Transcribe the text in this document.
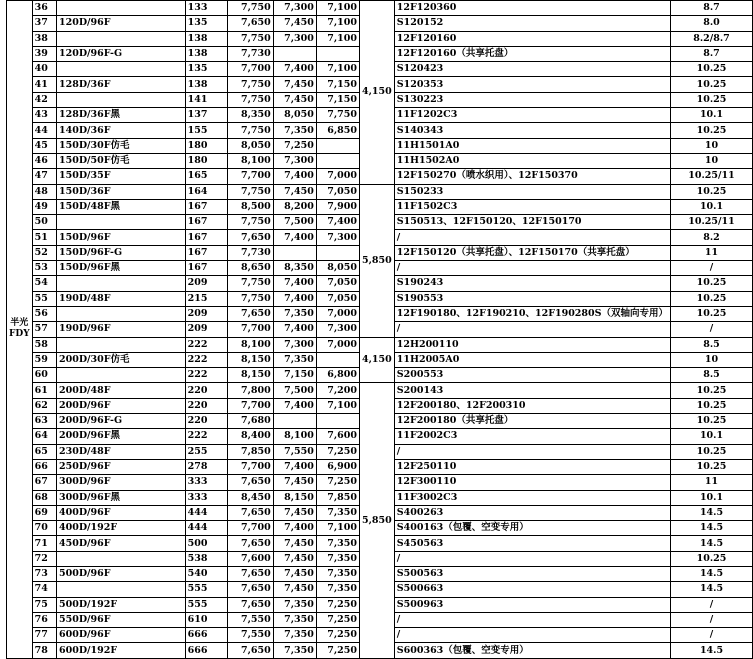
半光FDY	36		133	7,750	7,300	7,100	4,150	12F120360	8.7
	37	120D/96F	135	7,650	7,450	7,100		S120152	8.0
	38		138	7,750	7,300	7,100		12F120160	8.2/8.7
	39	120D/96F-G	138	7,730				12F120160（共享托盘）	8.7
	40		135	7,700	7,400	7,100		S120423	10.25
	41	128D/36F	138	7,750	7,450	7,150		S120353	10.25
	42		141	7,750	7,450	7,150		S130223	10.25
	43	128D/36F黑	137	8,350	8,050	7,750		11F1202C3	10.1
	44	140D/36F	155	7,750	7,350	6,850		S140343	10.25
	45	150D/30F仿毛	180	8,050	7,250			11H1501A0	10
	46	150D/50F仿毛	180	8,100	7,300			11H1502A0	10
	47	150D/35F	165	7,700	7,400	7,000		12F150270（喷水织用）、12F150370	10.25/11
	48	150D/36F	164	7,750	7,450	7,050	5,850	S150233	10.25
	49	150D/48F黑	167	8,500	8,200	7,900		11F1502C3	10.1
	50		167	7,750	7,500	7,400		S150513、12F150120、12F150170	10.25/11
	51	150D/96F	167	7,650	7,400	7,300		/	8.2
	52	150D/96F-G	167	7,730				12F150120（共享托盘）、12F150170（共享托盘）	11
	53	150D/96F黑	167	8,650	8,350	8,050		/	/
	54		209	7,750	7,400	7,050		S190243	10.25
	55	190D/48F	215	7,750	7,400	7,050		S190553	10.25
	56		209	7,650	7,350	7,000		12F190180、12F190210、12F190280S（双轴向专用）	10.25
	57	190D/96F	209	7,700	7,400	7,300		/	/
	58		222	8,100	7,300	7,000	4,150	12H200110	8.5
	59	200D/30F仿毛	222	8,150	7,350			11H2005A0	10
	60		222	8,150	7,150	6,800		S200553	8.5
	61	200D/48F	220	7,800	7,500	7,200	5,850	S200143	10.25
	62	200D/96F	220	7,700	7,400	7,100		12F200180、12F200310	10.25
	63	200D/96F-G	220	7,680				12F200180（共享托盘）	10.25
	64	200D/96F黑	222	8,400	8,100	7,600		11F2002C3	10.1
	65	230D/48F	255	7,850	7,550	7,250		/	10.25
	66	250D/96F	278	7,700	7,400	6,900		12F250110	10.25
	67	300D/96F	333	7,650	7,450	7,250		12F300110	11
	68	300D/96F黑	333	8,450	8,150	7,850		11F3002C3	10.1
	69	400D/96F	444	7,650	7,450	7,350		S400263	14.5
	70	400D/192F	444	7,700	7,400	7,100		S400163（包覆、空变专用）	14.5
	71	450D/96F	500	7,650	7,450	7,350		S450563	14.5
	72		538	7,600	7,450	7,350		/	10.25
	73	500D/96F	540	7,650	7,450	7,350		S500563	14.5
	74		555	7,650	7,450	7,350		S500663	14.5
	75	500D/192F	555	7,650	7,350	7,250		S500963	/
	76	550D/96F	610	7,550	7,350	7,250		/	/
	77	600D/96F	666	7,550	7,350	7,250		/	/
	78	600D/192F	666	7,650	7,350	7,250		S600363（包覆、空变专用）	14.5
